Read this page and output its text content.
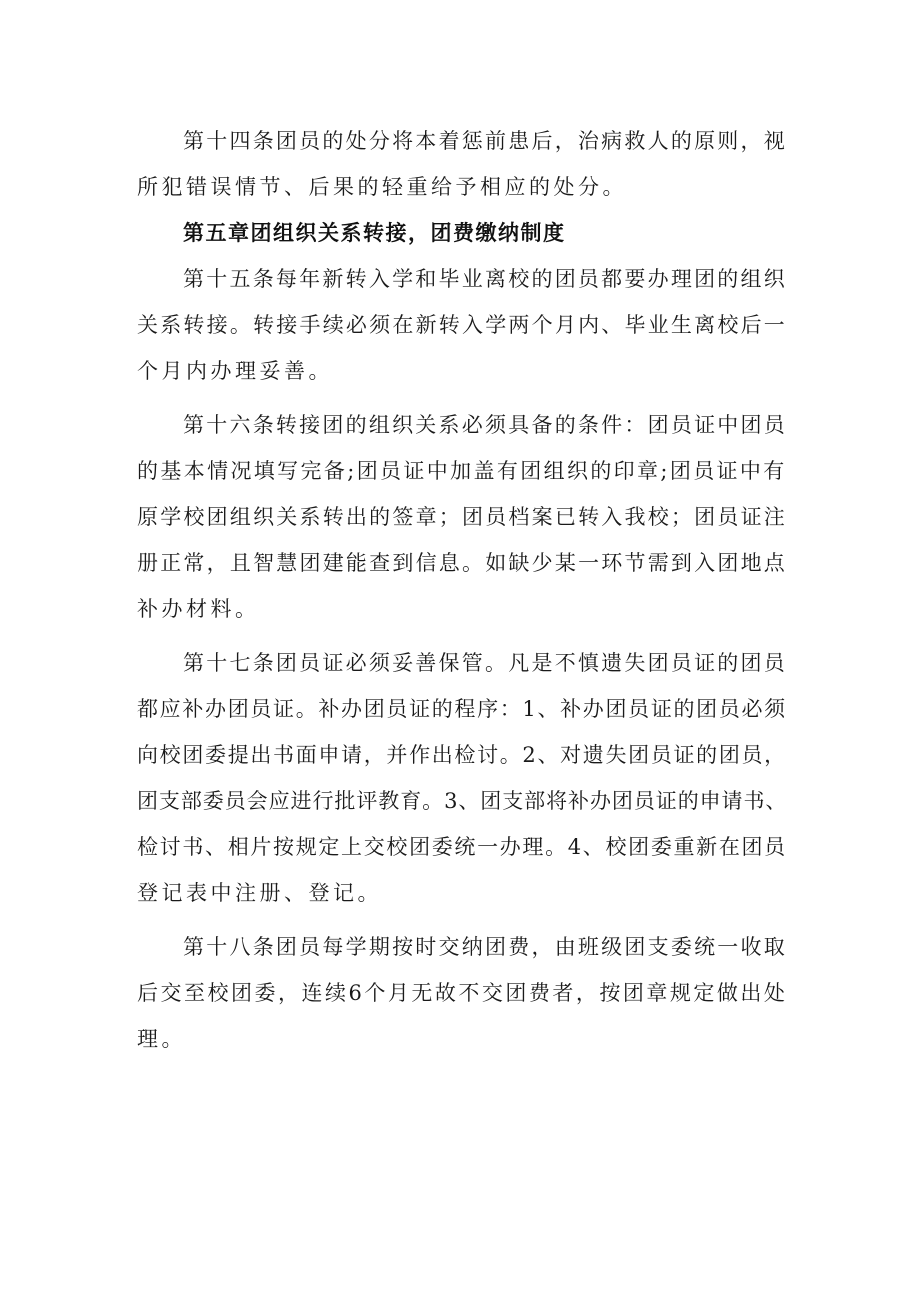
第十四条团员的处分将本着惩前患后，治病救人的原则，视
所犯错误情节、后果的轻重给予相应的处分。
第五章团组织关系转接，团费缴纳制度
第十五条每年新转入学和毕业离校的团员都要办理团的组织
关系转接。转接手续必须在新转入学两个月内、毕业生离校后一
个月内办理妥善。
第十六条转接团的组织关系必须具备的条件：团员证中团员
的基本情况填写完备;团员证中加盖有团组织的印章;团员证中有
原学校团组织关系转出的签章；团员档案已转入我校；团员证注
册正常，且智慧团建能查到信息。如缺少某一环节需到入团地点
补办材料。
第十七条团员证必须妥善保管。凡是不慎遗失团员证的团员
都应补办团员证。补办团员证的程序：1、补办团员证的团员必须
向校团委提出书面申请，并作出检讨。2、对遗失团员证的团员，
团支部委员会应进行批评教育。3、团支部将补办团员证的申请书、
检讨书、相片按规定上交校团委统一办理。4、校团委重新在团员
登记表中注册、登记。
第十八条团员每学期按时交纳团费，由班级团支委统一收取
后交至校团委，连续6个月无故不交团费者，按团章规定做出处
理。
